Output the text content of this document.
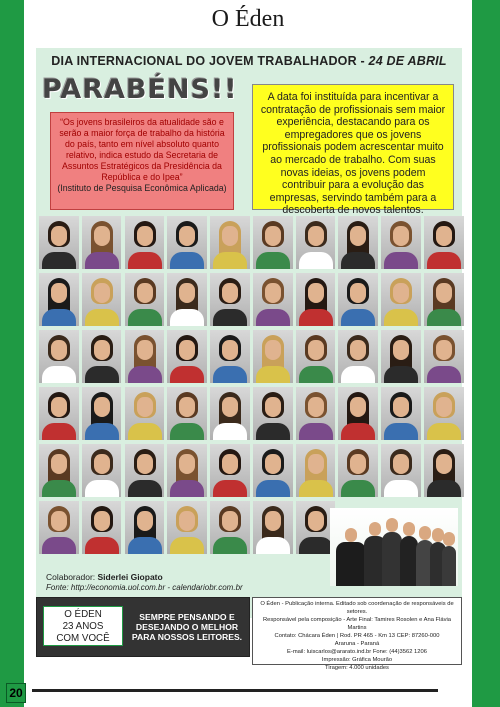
O Éden
DIA INTERNACIONAL DO JOVEM TRABALHADOR - 24 DE ABRIL
PARABÉNS!!
“Os jovens brasileiros da atualidade são e serão a maior força de trabalho da história do país, tanto em nível absoluto quanto relativo, indica estudo da Secretaria de Assuntos Estratégicos da Presidência da República e do Ipea”
(Instituto de Pesquisa Econômica Aplicada)
A data foi instituída para incentivar a contratação de profissionais sem maior experiência, destacando para os empregadores que os jovens profissionais podem acrescentar muito ao mercado de trabalho. Com suas novas ideias, os jovens podem contribuir para a evolução das empresas, servindo também para a descoberta de novos talentos.
Colaborador: Siderlei Giopato
Fonte: http://economia.uol.com.br - calendariobr.com.br
O ÉDEN
23 ANOS
COM VOCÊ
SEMPRE PENSANDO E DESEJANDO O MELHOR PARA NOSSOS LEITORES.
O Éden - Publicação interna. Editado sob coordenação de responsáveis de setores.
Responsável pela composição - Arte Final: Tamires Rosolen e Ana Flávia Martins
Contato: Chácara Éden | Rod. PR 465 - Km 13 CEP: 87260-000
Araruna - Paraná
E-mail: luiscarlos@ararato.ind.br Fone: (44)3562 1206
Impressão: Gráfica Mourão
Tiragem: 4.000 unidades
20
